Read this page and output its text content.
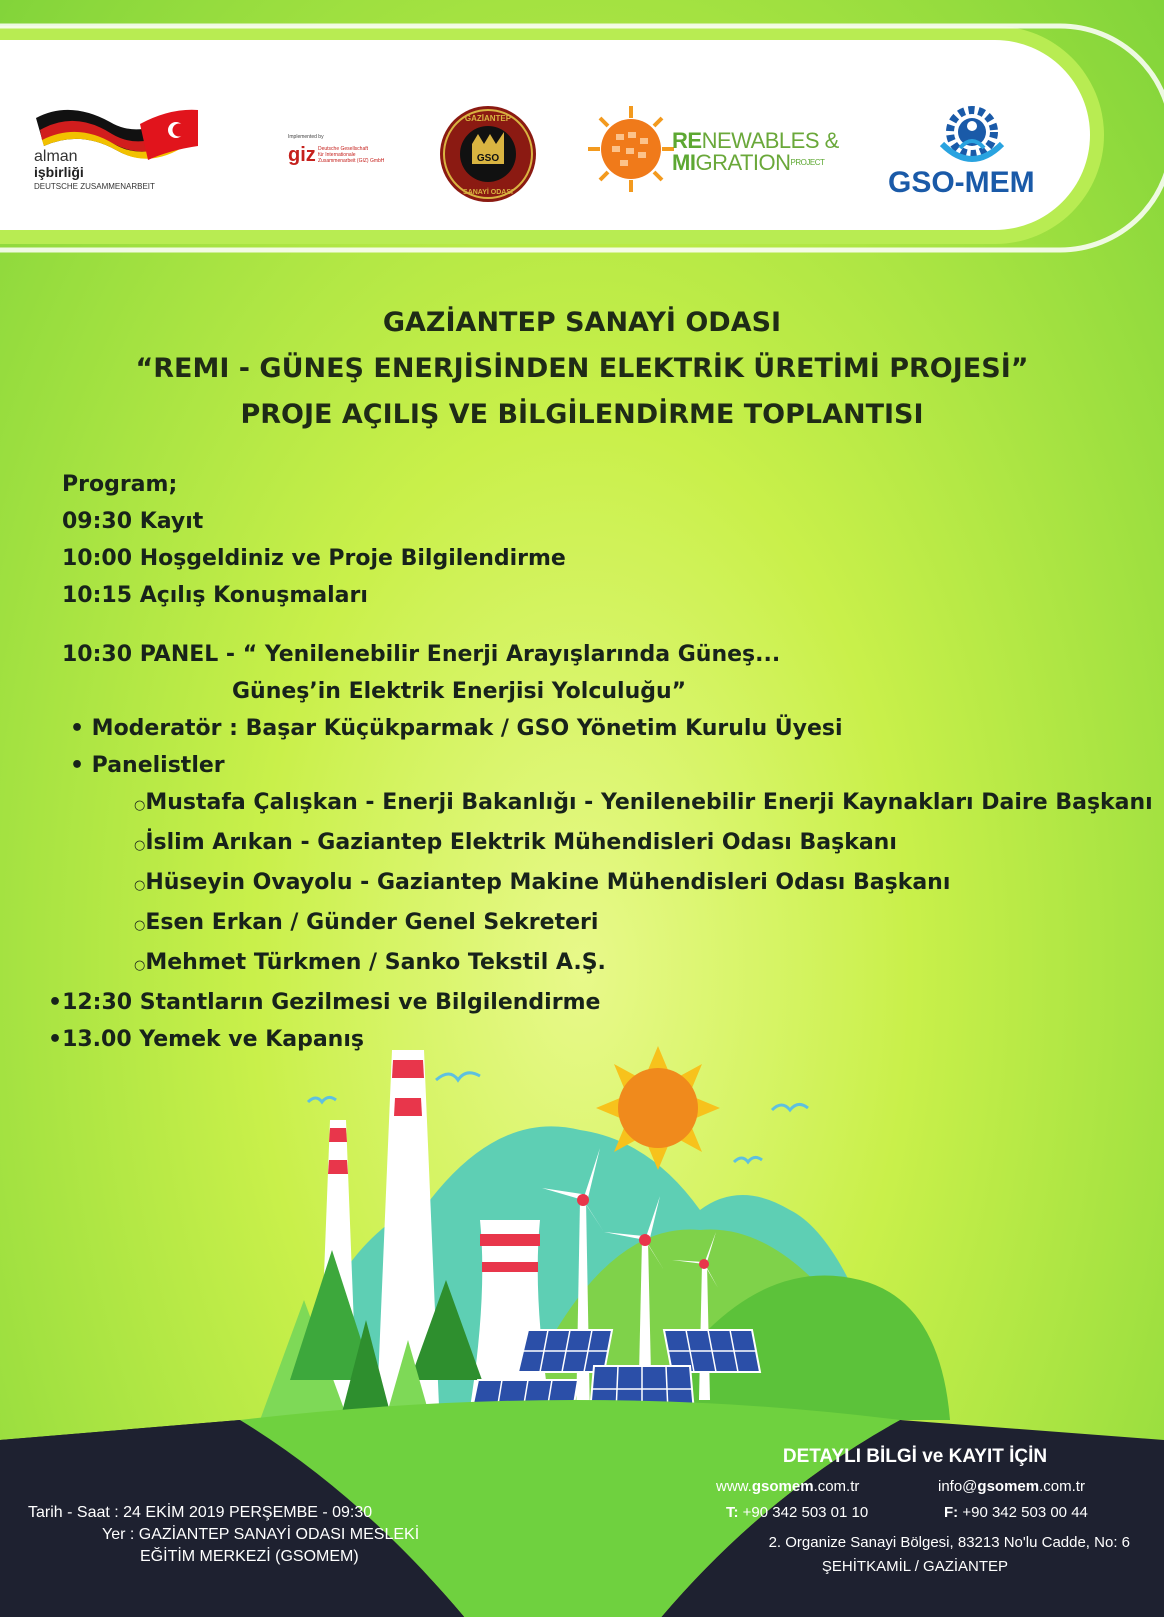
alman
işbirliği
DEUTSCHE ZUSAMMENARBEIT
Implemented by
giz Deutsche Gesellschaft
für Internationale
Zusammenarbeit (GIZ) GmbH	GSO
GAZİANTEP
SANAYİ ODASI
RENEWABLES &
$MIGRATION^{PROJECT}$
GSO-MEM
GAZİANTEP SANAYİ ODASI
“REMI - GÜNEŞ ENERJİSİNDEN ELEKTRİK ÜRETİMİ PROJESİ”
PROJE AÇILIŞ VE BİLGİLENDİRME TOPLANTISI
Program;
09:30 Kayıt
10:00 Hoşgeldiniz ve Proje Bilgilendirme
10:15 Açılış Konuşmaları
10:30 PANEL - “ Yenilenebilir Enerji Arayışlarında Güneş...
Güneş’in Elektrik Enerjisi Yolculuğu”
• Moderatör : Başar Küçükparmak / GSO Yönetim Kurulu Üyesi
• Panelistler
○Mustafa Çalışkan - Enerji Bakanlığı - Yenilenebilir Enerji Kaynakları Daire Başkanı
○İslim Arıkan - Gaziantep Elektrik Mühendisleri Odası Başkanı
○Hüseyin Ovayolu - Gaziantep Makine Mühendisleri Odası Başkanı
○Esen Erkan / Günder Genel Sekreteri
○Mehmet Türkmen / Sanko Tekstil A.Ş.
•12:30 Stantların Gezilmesi ve Bilgilendirme
•13.00 Yemek ve Kapanış
Tarih - Saat : 24 EKİM 2019 PERŞEMBE - 09:30
Yer : GAZİANTEP SANAYİ ODASI MESLEKİ
EĞİTİM MERKEZİ (GSOMEM)
DETAYLI BİLGİ ve KAYIT İÇİN
www.gsomem.com.tr	info@gsomem.com.tr
T: +90 342 503 01 10	F: +90 342 503 00 44
2. Organize Sanayi Bölgesi, 83213 No'lu Cadde, No: 6
ŞEHİTKAMİL / GAZİANTEP
